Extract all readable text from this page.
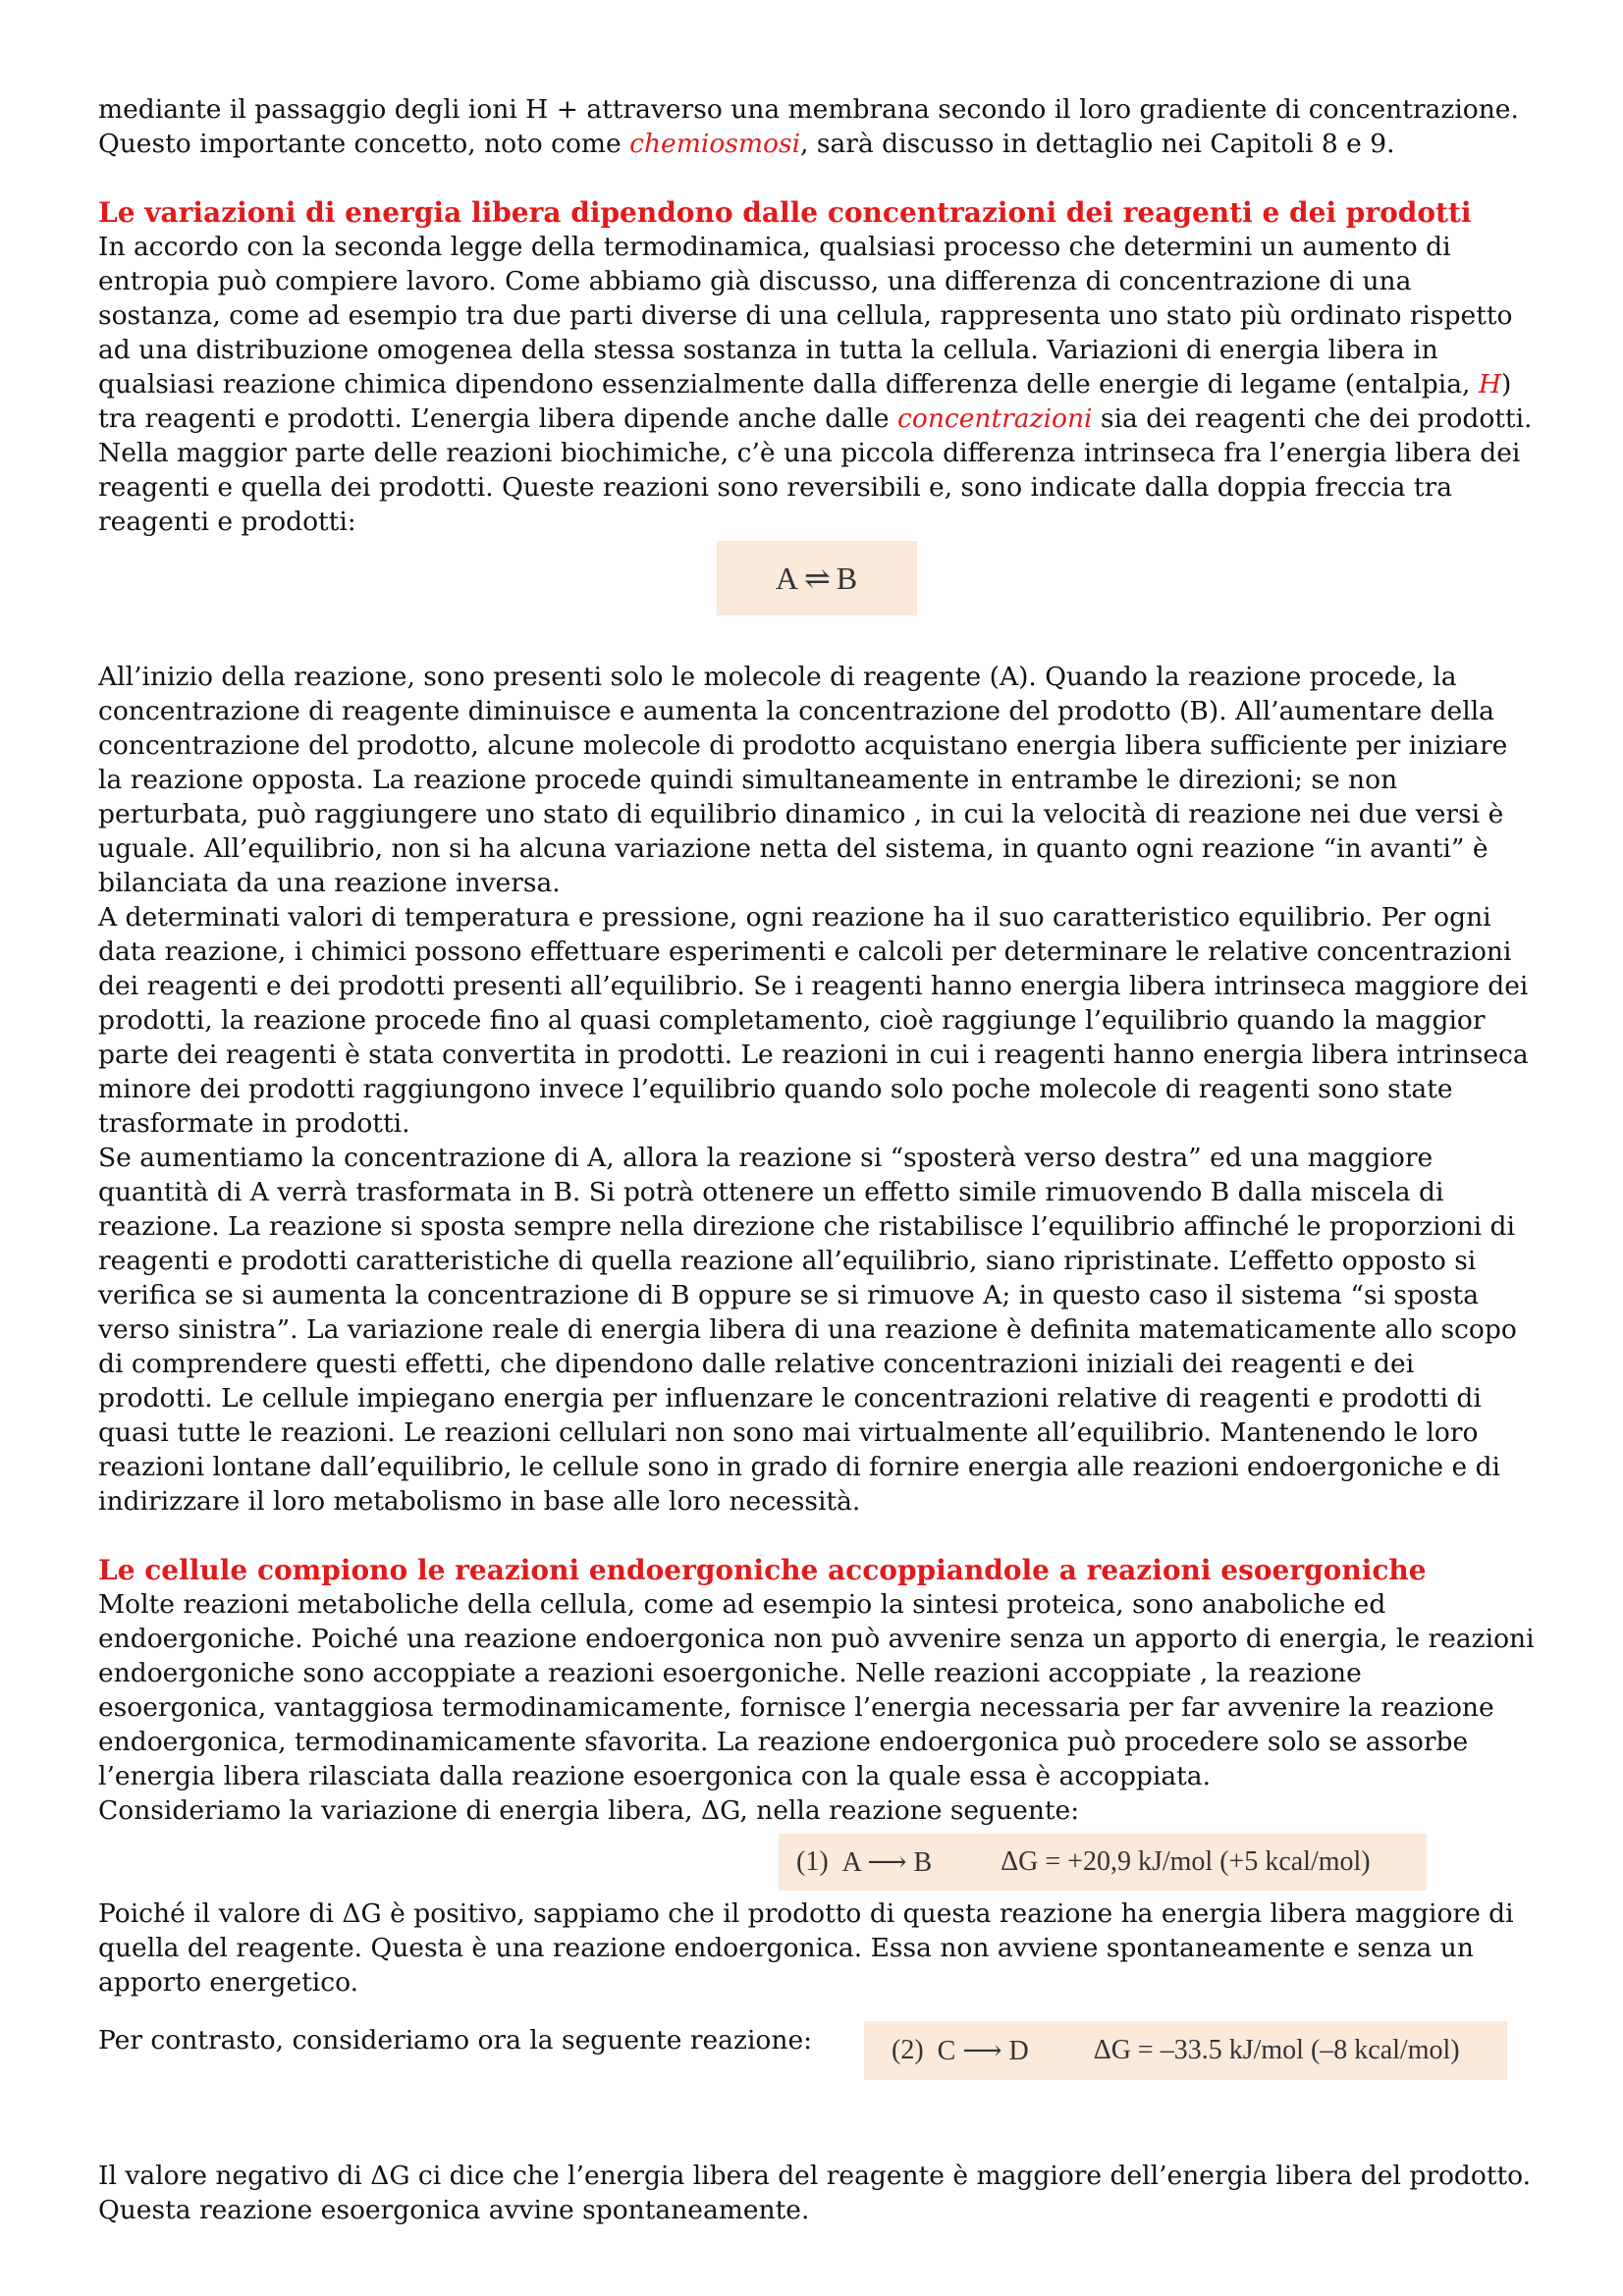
mediante il passaggio degli ioni H + attraverso una membrana secondo il loro gradiente di concentrazione.
Questo importante concetto, noto come chemiosmosi, sarà discusso in dettaglio nei Capitoli 8 e 9.

Le variazioni di energia libera dipendono dalle concentrazioni dei reagenti e dei prodotti

In accordo con la seconda legge della termodinamica, qualsiasi processo che determini un aumento di entropia può compiere lavoro. Come abbiamo già discusso, una differenza di concentrazione di una sostanza, come ad esempio tra due parti diverse di una cellula, rappresenta uno stato più ordinato rispetto ad una distribuzione omogenea della stessa sostanza in tutta la cellula. Variazioni di energia libera in qualsiasi reazione chimica dipendono essenzialmente dalla differenza delle energie di legame (entalpia, H) tra reagenti e prodotti. L’energia libera dipende anche dalle concentrazioni sia dei reagenti che dei prodotti. Nella maggior parte delle reazioni biochimiche, c’è una piccola differenza intrinseca fra l’energia libera dei reagenti e quella dei prodotti. Queste reazioni sono reversibili e, sono indicate dalla doppia freccia tra reagenti e prodotti:

A ⇌ B

All’inizio della reazione, sono presenti solo le molecole di reagente (A). Quando la reazione procede, la concentrazione di reagente diminuisce e aumenta la concentrazione del prodotto (B). All’aumentare della concentrazione del prodotto, alcune molecole di prodotto acquistano energia libera sufficiente per iniziare la reazione opposta. La reazione procede quindi simultaneamente in entrambe le direzioni; se non perturbata, può raggiungere uno stato di equilibrio dinamico , in cui la velocità di reazione nei due versi è uguale. All’equilibrio, non si ha alcuna variazione netta del sistema, in quanto ogni reazione “in avanti” è bilanciata da una reazione inversa.

A determinati valori di temperatura e pressione, ogni reazione ha il suo caratteristico equilibrio. Per ogni data reazione, i chimici possono effettuare esperimenti e calcoli per determinare le relative concentrazioni dei reagenti e dei prodotti presenti all’equilibrio. Se i reagenti hanno energia libera intrinseca maggiore dei prodotti, la reazione procede fino al quasi completamento, cioè raggiunge l’equilibrio quando la maggior parte dei reagenti è stata convertita in prodotti. Le reazioni in cui i reagenti hanno energia libera intrinseca minore dei prodotti raggiungono invece l’equilibrio quando solo poche molecole di reagenti sono state trasformate in prodotti.

Se aumentiamo la concentrazione di A, allora la reazione si “sposterà verso destra” ed una maggiore quantità di A verrà trasformata in B. Si potrà ottenere un effetto simile rimuovendo B dalla miscela di reazione. La reazione si sposta sempre nella direzione che ristabilisce l’equilibrio affinché le proporzioni di reagenti e prodotti caratteristiche di quella reazione all’equilibrio, siano ripristinate. L’effetto opposto si verifica se si aumenta la concentrazione di B oppure se si rimuove A; in questo caso il sistema “si sposta verso sinistra”. La variazione reale di energia libera di una reazione è definita matematicamente allo scopo di comprendere questi effetti, che dipendono dalle relative concentrazioni iniziali dei reagenti e dei prodotti. Le cellule impiegano energia per influenzare le concentrazioni relative di reagenti e prodotti di quasi tutte le reazioni. Le reazioni cellulari non sono mai virtualmente all’equilibrio. Mantenendo le loro reazioni lontane dall’equilibrio, le cellule sono in grado di fornire energia alle reazioni endoergoniche e di indirizzare il loro metabolismo in base alle loro necessità.

Le cellule compiono le reazioni endoergoniche accoppiandole a reazioni esoergoniche

Molte reazioni metaboliche della cellula, come ad esempio la sintesi proteica, sono anaboliche ed endoergoniche. Poiché una reazione endoergonica non può avvenire senza un apporto di energia, le reazioni endoergoniche sono accoppiate a reazioni esoergoniche. Nelle reazioni accoppiate , la reazione esoergonica, vantaggiosa termodinamicamente, fornisce l’energia necessaria per far avvenire la reazione endoergonica, termodinamicamente sfavorita. La reazione endoergonica può procedere solo se assorbe l’energia libera rilasciata dalla reazione esoergonica con la quale essa è accoppiata.

Consideriamo la variazione di energia libera, ΔG, nella reazione seguente:

(1) A ⟶ B	ΔG = +20,9 kJ/mol (+5 kcal/mol)

Poiché il valore di ΔG è positivo, sappiamo che il prodotto di questa reazione ha energia libera maggiore di quella del reagente. Questa è una reazione endoergonica. Essa non avviene spontaneamente e senza un apporto energetico.

Per contrasto, consideriamo ora la seguente reazione:	(2) C ⟶ D ΔG = –33.5 kJ/mol (–8 kcal/mol)

Il valore negativo di ΔG ci dice che l’energia libera del reagente è maggiore dell’energia libera del prodotto. Questa reazione esoergonica avvine spontaneamente.
